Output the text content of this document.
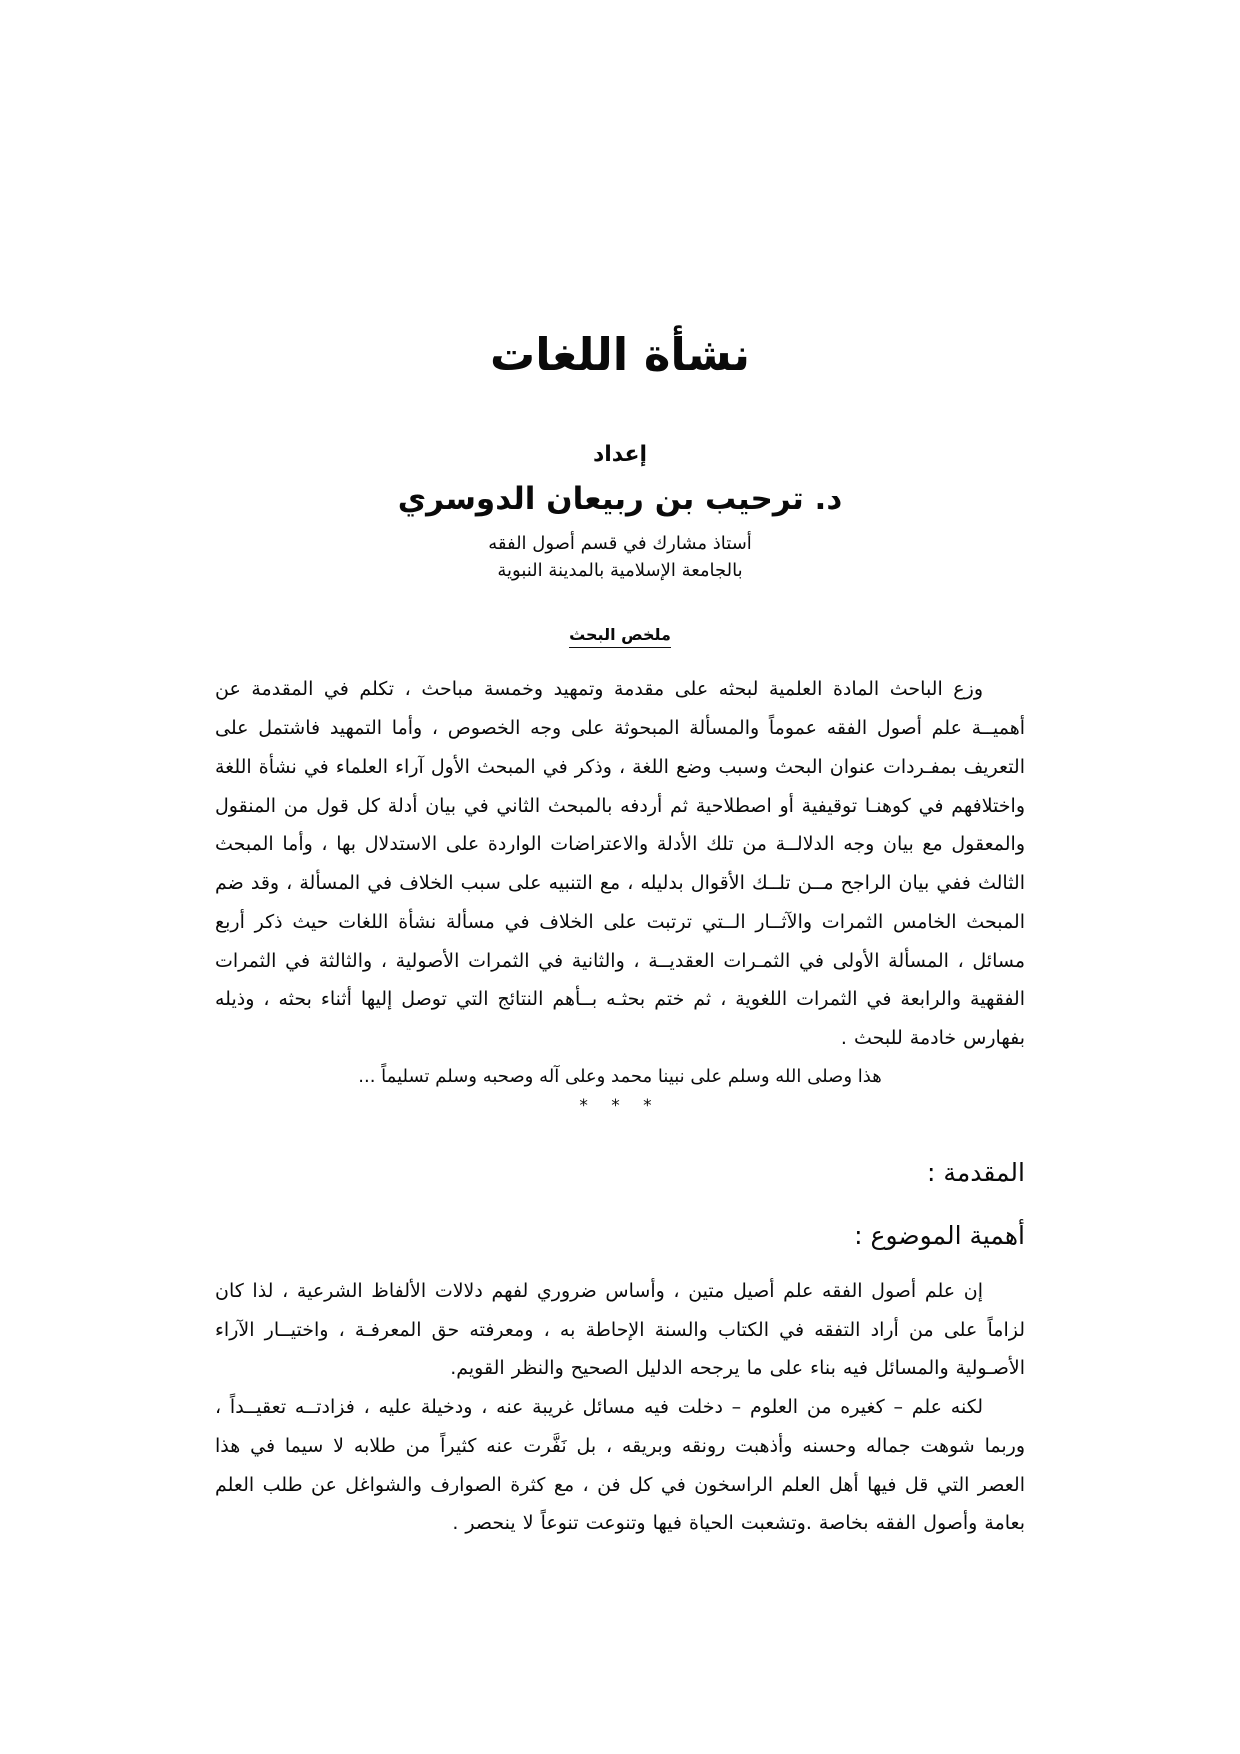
نشأة اللغات
إعداد
د. ترحيب بن ربيعان الدوسري
أستاذ مشارك في قسم أصول الفقه
بالجامعة الإسلامية بالمدينة النبوية
ملخص البحث

وزع الباحث المادة العلمية لبحثه على مقدمة وتمهيد وخمسة مباحث ، تكلم في المقدمة عن أهميــة علم أصول الفقه عموماً والمسألة المبحوثة على وجه الخصوص ، وأما التمهيد فاشتمل على التعريف بمفـردات عنوان البحث وسبب وضع اللغة ، وذكر في المبحث الأول آراء العلماء في نشأة اللغة واختلافهم في كوهنـا توقيفية أو اصطلاحية ثم أردفه بالمبحث الثاني في بيان أدلة كل قول من المنقول والمعقول مع بيان وجه الدلالــة من تلك الأدلة والاعتراضات الواردة على الاستدلال بها ، وأما المبحث الثالث ففي بيان الراجح مــن تلــك الأقوال بدليله ، مع التنبيه على سبب الخلاف في المسألة ، وقد ضم المبحث الخامس الثمرات والآثــار الــتي ترتبت على الخلاف في مسألة نشأة اللغات حيث ذكر أربع مسائل ، المسألة الأولى في الثمـرات العقديــة ، والثانية في الثمرات الأصولية ، والثالثة في الثمرات الفقهية والرابعة في الثمرات اللغوية ، ثم ختم بحثـه بــأهم النتائج التي توصل إليها أثناء بحثه ، وذيله بفهارس خادمة للبحث .

هذا وصلى الله وسلم على نبينا محمد وعلى آله وصحبه وسلم تسليماً ...

* * *
المقدمة :
أهمية الموضوع :

إن علم أصول الفقه علم أصيل متين ، وأساس ضروري لفهم دلالات الألفاظ الشرعية ، لذا كان لزاماً على من أراد التفقه في الكتاب والسنة الإحاطة به ، ومعرفته حق المعرفـة ، واختيــار الآراء الأصـولية والمسائل فيه بناء على ما يرجحه الدليل الصحيح والنظر القويم.

لكنه علم – كغيره من العلوم – دخلت فيه مسائل غريبة عنه ، ودخيلة عليه ، فزادتــه تعقيــداً ، وربما شوهت جماله وحسنه وأذهبت رونقه وبريقه ، بل نَفَّرت عنه كثيراً من طلابه لا سيما في هذا العصر التي قل فيها أهل العلم الراسخون في كل فن ، مع كثرة الصوارف والشواغل عن طلب العلم بعامة وأصول الفقه بخاصة .وتشعبت الحياة فيها وتنوعت تنوعاً لا ينحصر .
